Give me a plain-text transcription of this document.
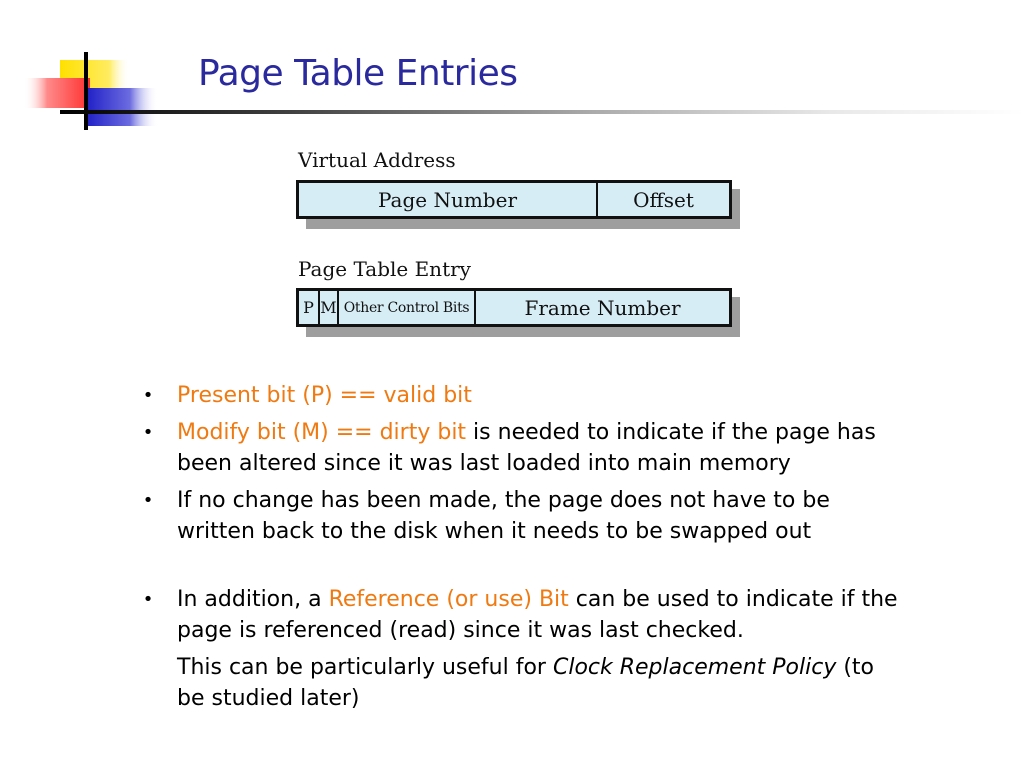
Page Table Entries
Virtual Address
Page Number	Offset
Page Table Entry
P M Other Control Bits	Frame Number
• Present bit (P) == valid bit
• Modify bit (M) == dirty bit is needed to indicate if the page has been altered since it was last loaded into main memory
• If no change has been made, the page does not have to be written back to the disk when it needs to be swapped out
• In addition, a Reference (or use) Bit can be used to indicate if the page is referenced (read) since it was last checked.
This can be particularly useful for Clock Replacement Policy (to be studied later)
